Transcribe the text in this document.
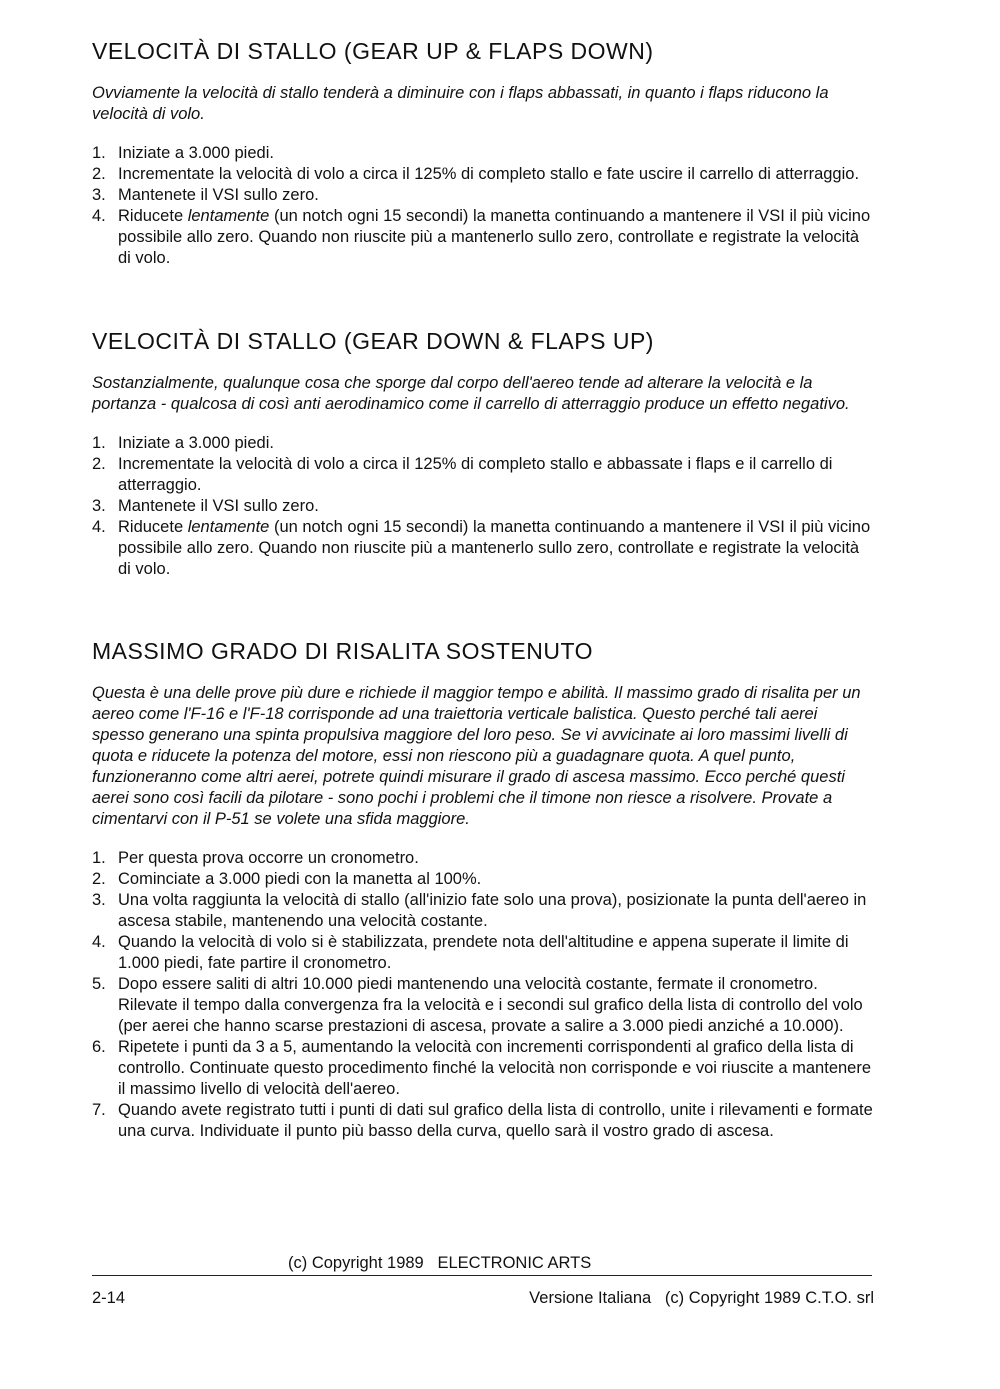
VELOCITÀ DI STALLO (GEAR UP & FLAPS DOWN)

Ovviamente la velocità di stallo tenderà a diminuire con i flaps abbassati, in quanto i flaps riducono la velocità di volo.

1. Iniziate a 3.000 piedi.
2. Incrementate la velocità di volo a circa il 125% di completo stallo e fate uscire il carrello di atterraggio.
3. Mantenete il VSI sullo zero.
4. Riducete lentamente (un notch ogni 15 secondi) la manetta continuando a mantenere il VSI il più vicino possibile allo zero. Quando non riuscite più a mantenerlo sullo zero, controllate e registrate la velocità di volo.
VELOCITÀ DI STALLO (GEAR DOWN & FLAPS UP)

Sostanzialmente, qualunque cosa che sporge dal corpo dell'aereo tende ad alterare la velocità e la portanza - qualcosa di così anti aerodinamico come il carrello di atterraggio produce un effetto negativo.

1. Iniziate a 3.000 piedi.
2. Incrementate la velocità di volo a circa il 125% di completo stallo e abbassate i flaps e il carrello di atterraggio.
3. Mantenete il VSI sullo zero.
4. Riducete lentamente (un notch ogni 15 secondi) la manetta continuando a mantenere il VSI il più vicino possibile allo zero. Quando non riuscite più a mantenerlo sullo zero, controllate e registrate la velocità di volo.
MASSIMO GRADO DI RISALITA SOSTENUTO

Questa è una delle prove più dure e richiede il maggior tempo e abilità. Il massimo grado di risalita per un aereo come l'F-16 e l'F-18 corrisponde ad una traiettoria verticale balistica. Questo perché tali aerei spesso generano una spinta propulsiva maggiore del loro peso. Se vi avvicinate ai loro massimi livelli di quota e riducete la potenza del motore, essi non riescono più a guadagnare quota. A quel punto, funzioneranno come altri aerei, potrete quindi misurare il grado di ascesa massimo. Ecco perché questi aerei sono così facili da pilotare - sono pochi i problemi che il timone non riesce a risolvere. Provate a cimentarvi con il P-51 se volete una sfida maggiore.

1. Per questa prova occorre un cronometro.
2. Cominciate a 3.000 piedi con la manetta al 100%.
3. Una volta raggiunta la velocità di stallo (all'inizio fate solo una prova), posizionate la punta dell'aereo in ascesa stabile, mantenendo una velocità costante.
4. Quando la velocità di volo si è stabilizzata, prendete nota dell'altitudine e appena superate il limite di 1.000 piedi, fate partire il cronometro.
5. Dopo essere saliti di altri 10.000 piedi mantenendo una velocità costante, fermate il cronometro. Rilevate il tempo dalla convergenza fra la velocità e i secondi sul grafico della lista di controllo del volo (per aerei che hanno scarse prestazioni di ascesa, provate a salire a 3.000 piedi anziché a 10.000).
6. Ripetete i punti da 3 a 5, aumentando la velocità con incrementi corrispondenti al grafico della lista di controllo. Continuate questo procedimento finché la velocità non corrisponde e voi riuscite a mantenere il massimo livello di velocità dell'aereo.
7. Quando avete registrato tutti i punti di dati sul grafico della lista di controllo, unite i rilevamenti e formate una curva. Individuate il punto più basso della curva, quello sarà il vostro grado di ascesa.
(c) Copyright 1989   ELECTRONIC ARTS
2-14	Versione Italiana   (c) Copyright 1989 C.T.O. srl
